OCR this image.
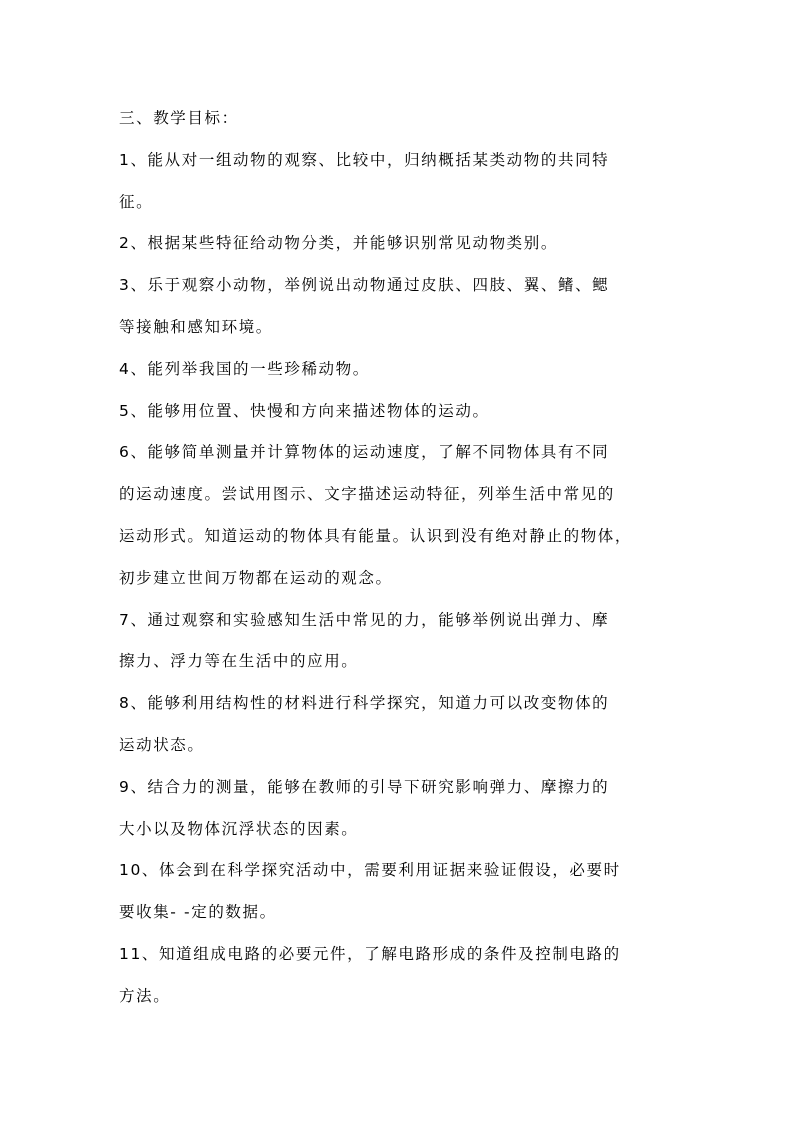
三、教学目标：
1、能从对一组动物的观察、比较中，归纳概括某类动物的共同特
征。
2、根据某些特征给动物分类，并能够识别常见动物类别。
3、乐于观察小动物，举例说出动物通过皮肤、四肢、翼、鳍、鳃
等接触和感知环境。
4、能列举我国的一些珍稀动物。
5、能够用位置、快慢和方向来描述物体的运动。
6、能够简单测量并计算物体的运动速度，了解不同物体具有不同
的运动速度。尝试用图示、文字描述运动特征，列举生活中常见的
运动形式。知道运动的物体具有能量。认识到没有绝对静止的物体，
初步建立世间万物都在运动的观念。
7、通过观察和实验感知生活中常见的力，能够举例说出弹力、摩
擦力、浮力等在生活中的应用。
8、能够利用结构性的材料进行科学探究，知道力可以改变物体的
运动状态。
9、结合力的测量，能够在教师的引导下研究影响弹力、摩擦力的
大小以及物体沉浮状态的因素。
10、体会到在科学探究活动中，需要利用证据来验证假设，必要时
要收集- -定的数据。
11、知道组成电路的必要元件，了解电路形成的条件及控制电路的
方法。
